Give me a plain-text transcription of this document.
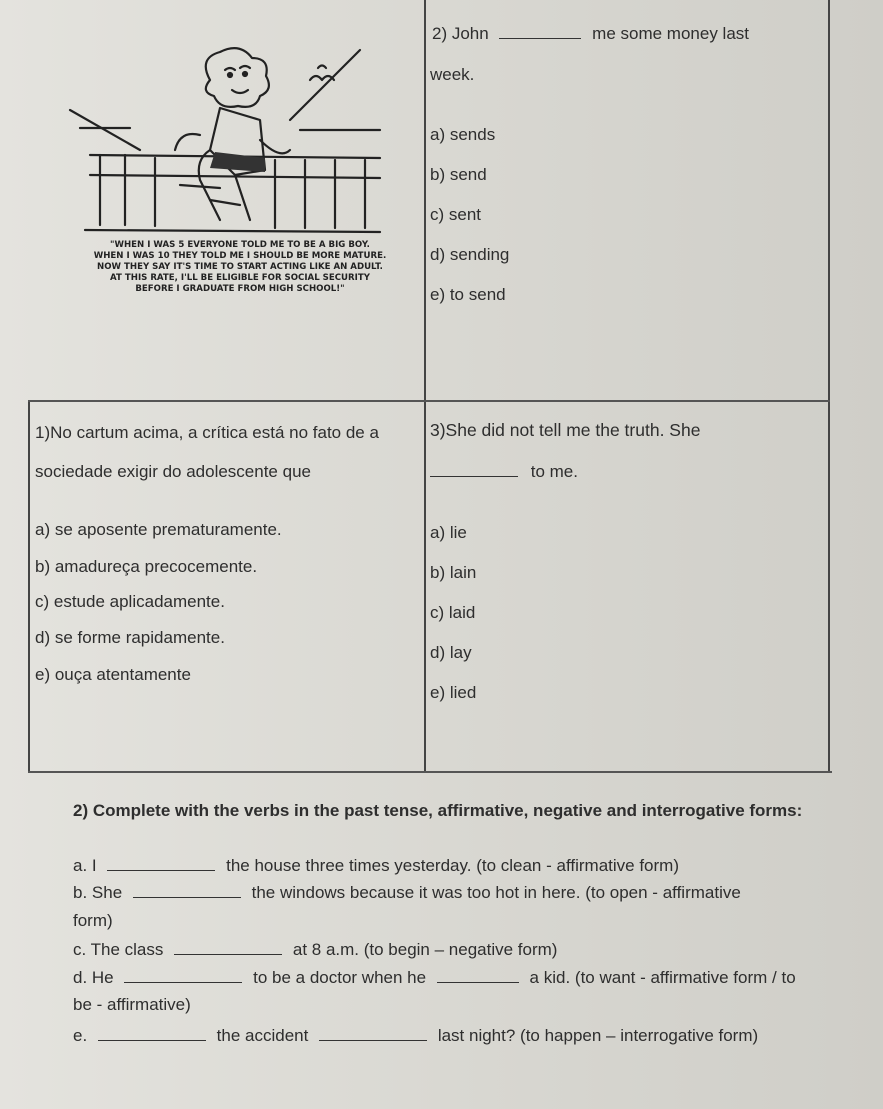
"WHEN I WAS 5 EVERYONE TOLD ME TO BE A BIG BOY.
WHEN I WAS 10 THEY TOLD ME I SHOULD BE MORE MATURE.
NOW THEY SAY IT'S TIME TO START ACTING LIKE AN ADULT.
AT THIS RATE, I'LL BE ELIGIBLE FOR SOCIAL SECURITY
BEFORE I GRADUATE FROM HIGH SCHOOL!"
2) John	me some money last
week.
a) sends
b) send
c) sent
d) sending
e) to send
1)No cartum acima, a crítica está no fato de a
sociedade exigir do adolescente que
a) se aposente prematuramente.
b) amadureça precocemente.
c) estude aplicadamente.
d) se forme rapidamente.
e) ouça atentamente
3)She did not tell me the truth. She
to me.
a) lie
b) lain
c) laid
d) lay
e) lied
2) Complete with the verbs in the past tense, affirmative, negative and interrogative forms:
a. I	the house three times yesterday. (to clean - affirmative form)
b. She	the windows because it was too hot in here. (to open - affirmative
form)
c. The class	at 8 a.m. (to begin – negative form)
d. He	to be a doctor when he	a kid. (to want - affirmative form / to
be - affirmative)
e.	the accident	last night? (to happen – interrogative form)
